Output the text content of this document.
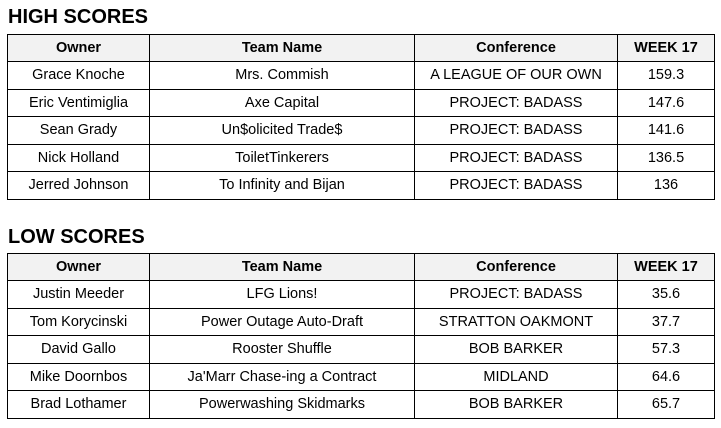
HIGH SCORES
Owner	Team Name	Conference	WEEK 17
Grace Knoche	Mrs. Commish	A LEAGUE OF OUR OWN	159.3
Eric Ventimiglia	Axe Capital	PROJECT: BADASS	147.6
Sean Grady	Un$olicited Trade$	PROJECT: BADASS	141.6
Nick Holland	ToiletTinkerers	PROJECT: BADASS	136.5
Jerred Johnson	To Infinity and Bijan	PROJECT: BADASS	136
LOW SCORES
Owner	Team Name	Conference	WEEK 17
Justin Meeder	LFG Lions!	PROJECT: BADASS	35.6
Tom Korycinski	Power Outage Auto-Draft	STRATTON OAKMONT	37.7
David Gallo	Rooster Shuffle	BOB BARKER	57.3
Mike Doornbos	Ja'Marr Chase-ing a Contract	MIDLAND	64.6
Brad Lothamer	Powerwashing Skidmarks	BOB BARKER	65.7
